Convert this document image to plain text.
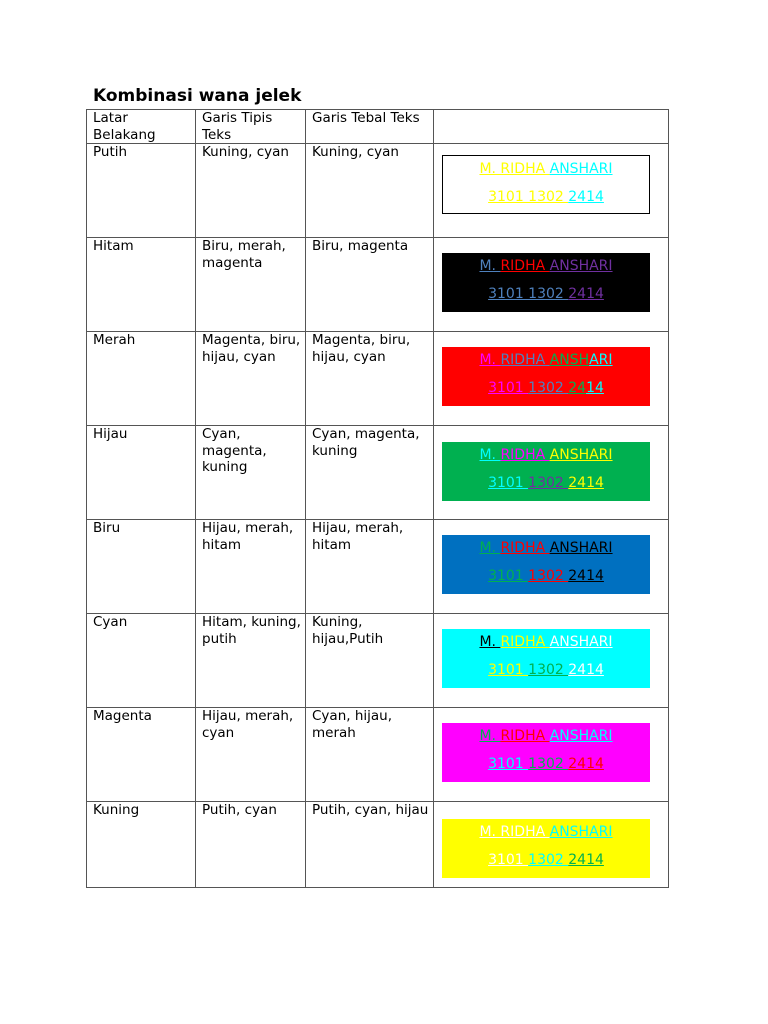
Kombinasi wana jelek
Latar Belakang	Garis Tipis Teks	Garis Tebal Teks	
Putih	Kuning, cyan	Kuning, cyan	M. RIDHA ANSHARI
3101 1302 2414

Hitam	Biru, merah, magenta	Biru, magenta	M. RIDHA ANSHARI
3101 1302 2414

Merah	Magenta, biru, hijau, cyan	Magenta, biru, hijau, cyan	M. RIDHA ANSHARI
3101 1302 2414

Hijau	Cyan, magenta, kuning	Cyan, magenta, kuning	M. RIDHA ANSHARI
3101 1302 2414

Biru	Hijau, merah, hitam	Hijau, merah, hitam	M. RIDHA ANSHARI
3101 1302 2414

Cyan	Hitam, kuning, putih	Kuning, hijau,Putih	M. RIDHA ANSHARI
3101 1302 2414

Magenta	Hijau, merah, cyan	Cyan, hijau, merah	M. RIDHA ANSHARI
3101 1302 2414

Kuning	Putih, cyan	Putih, cyan, hijau	M. RIDHA ANSHARI
3101 1302 2414
